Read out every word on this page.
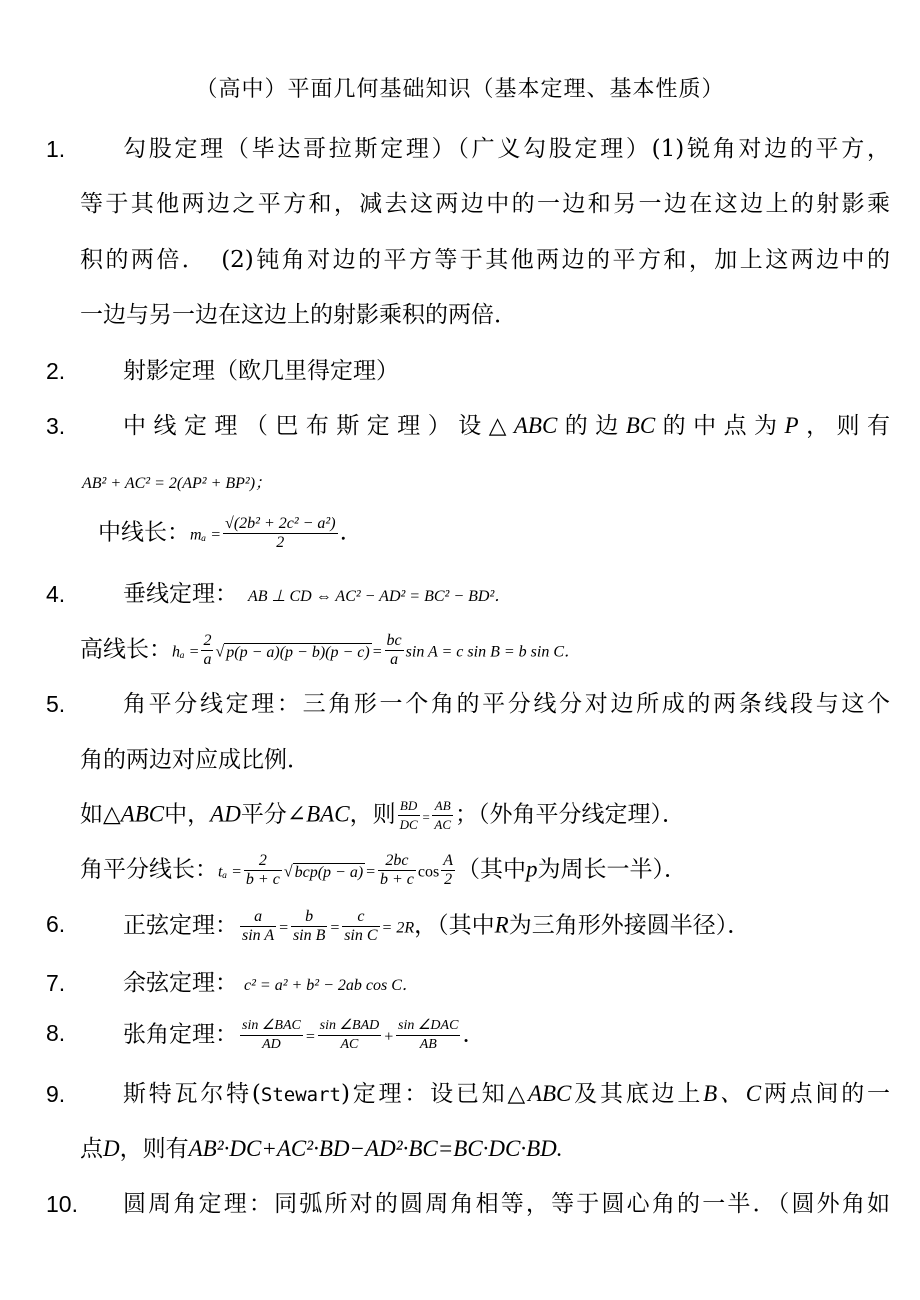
（高中）平面几何基础知识（基本定理、基本性质）
1.	勾股定理（毕达哥拉斯定理）（广义勾股定理）(1)锐角对边的平方，
等于其他两边之平方和，减去这两边中的一边和另一边在这边上的射影乘
积的两倍．　(2)钝角对边的平方等于其他两边的平方和，加上这两边中的
一边与另一边在这边上的射影乘积的两倍．
2.	射影定理（欧几里得定理）
3.	中线定理（巴布斯定理）设△ABC的边BC的中点为P，则有
AB² + AC² = 2(AP² + BP²)；
中线长：$m_a = \frac{\text{√(2b² + 2c² − a²)}}{2}$ .
4.	垂线定理： AB ⊥ CD ⇔ AC² − AD² = BC² − BD²．
高线长：$h_a = \frac{2}{a}$ √ $p(p - a)(p - b)(p - c) = \frac{bc}{a}$ sin A = c sin B = b sin C．
5.	角平分线定理：三角形一个角的平分线分对边所成的两条线段与这个
角的两边对应成比例．
如△ABC中，AD平分∠BAC，则 $\frac{BD}{DC} = \frac{AB}{AC}$ ；（外角平分线定理）．
角平分线长：$t_a = \frac{2}{b + c}$ √ $bcp(p - a) = \frac{2bc}{b + c}$ $\cos \frac{A}{2}$ （其中p为周长一半）．
6.	正弦定理： $\frac{a}{\text{sin A}} = \frac{b}{\text{sin B}} = \frac{c}{\text{sin C}} = 2R$，（其中R为三角形外接圆半径）．
7.	余弦定理： c² = a² + b² − 2ab cos C．
8.	张角定理： $\frac{\text{sin ∠BAC}}{AD} = \frac{\text{sin ∠BAD}}{AC} + \frac{\text{sin ∠DAC}}{AB}$ ．
9.	斯特瓦尔特(Stewart)定理：设已知△ABC及其底边上B、C两点间的一
点D，则有AB²·DC+AC²·BD−AD²·BC=BC·DC·BD.
10.	圆周角定理：同弧所对的圆周角相等，等于圆心角的一半．（圆外角如
